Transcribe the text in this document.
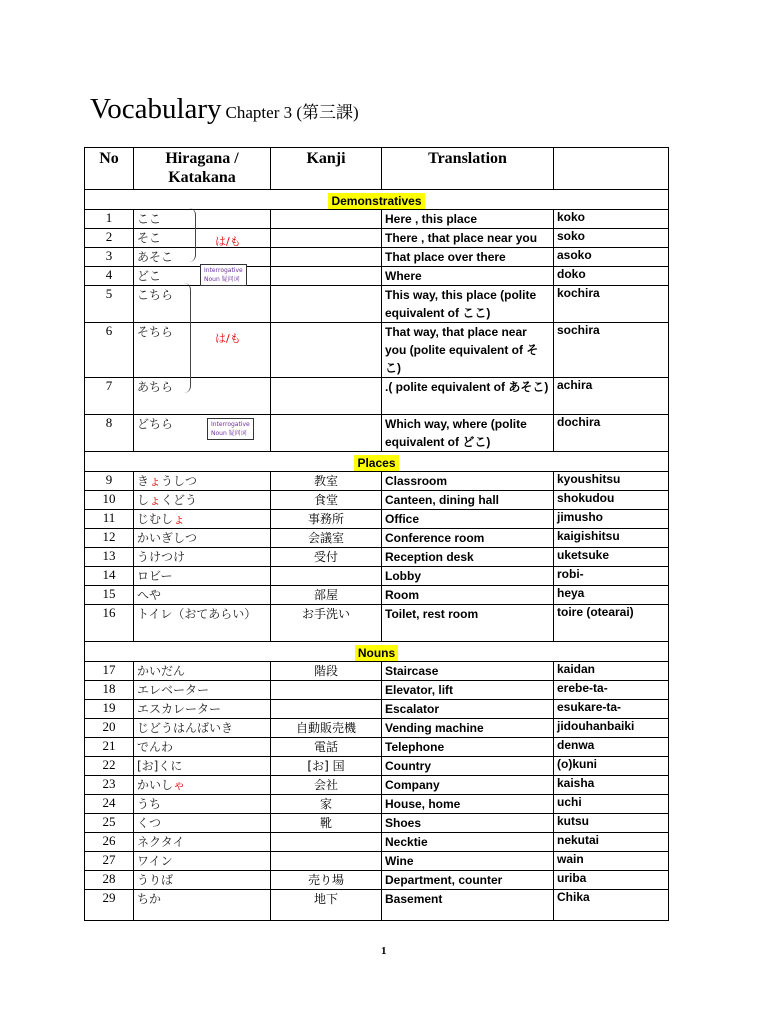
Vocabulary Chapter 3 (第三課)
No	Hiragana /
Katakana	Kanji	Translation	
Demonstratives				
1	ここ		Here , this place	koko
2	そこ		There , that place near you	soko
3	あそこ		That place over there	asoko
4	どこ		Where	doko
5	こちら		This way, this place (polite equivalent of ここ)	kochira
6	そちら		That way, that place near you (polite equivalent of そこ)	sochira
7	あちら		.( polite equivalent of あそこ)	achira
8	どちら		Which way, where (polite equivalent of どこ)	dochira
Places				
9	きょうしつ	教室	Classroom	kyoushitsu
10	しょくどう	食堂	Canteen, dining hall	shokudou
11	じむしょ	事務所	Office	jimusho
12	かいぎしつ	会議室	Conference room	kaigishitsu
13	うけつけ	受付	Reception desk	uketsuke
14	ロビー		Lobby	robi-
15	へや	部屋	Room	heya
16	トイレ（おてあらい）	お手洗い	Toilet, rest room	toire (otearai)
Nouns				
17	かいだん	階段	Staircase	kaidan
18	エレベーター		Elevator, lift	erebe-ta-
19	エスカレーター		Escalator	esukare-ta-
20	じどうはんばいき	自動販売機	Vending machine	jidouhanbaiki
21	でんわ	電話	Telephone	denwa
22	[お]くに	[お] 国	Country	(o)kuni
23	かいしゃ	会社	Company	kaisha
24	うち	家	House, home	uchi
25	くつ	靴	Shoes	kutsu
26	ネクタイ		Necktie	nekutai
27	ワイン		Wine	wain
28	うりば	売り場	Department, counter	uriba
29	ちか	地下	Basement	Chika
は/も
Interrogative
Noun 疑问词
は/も
Interrogative
Noun 疑问词
1
